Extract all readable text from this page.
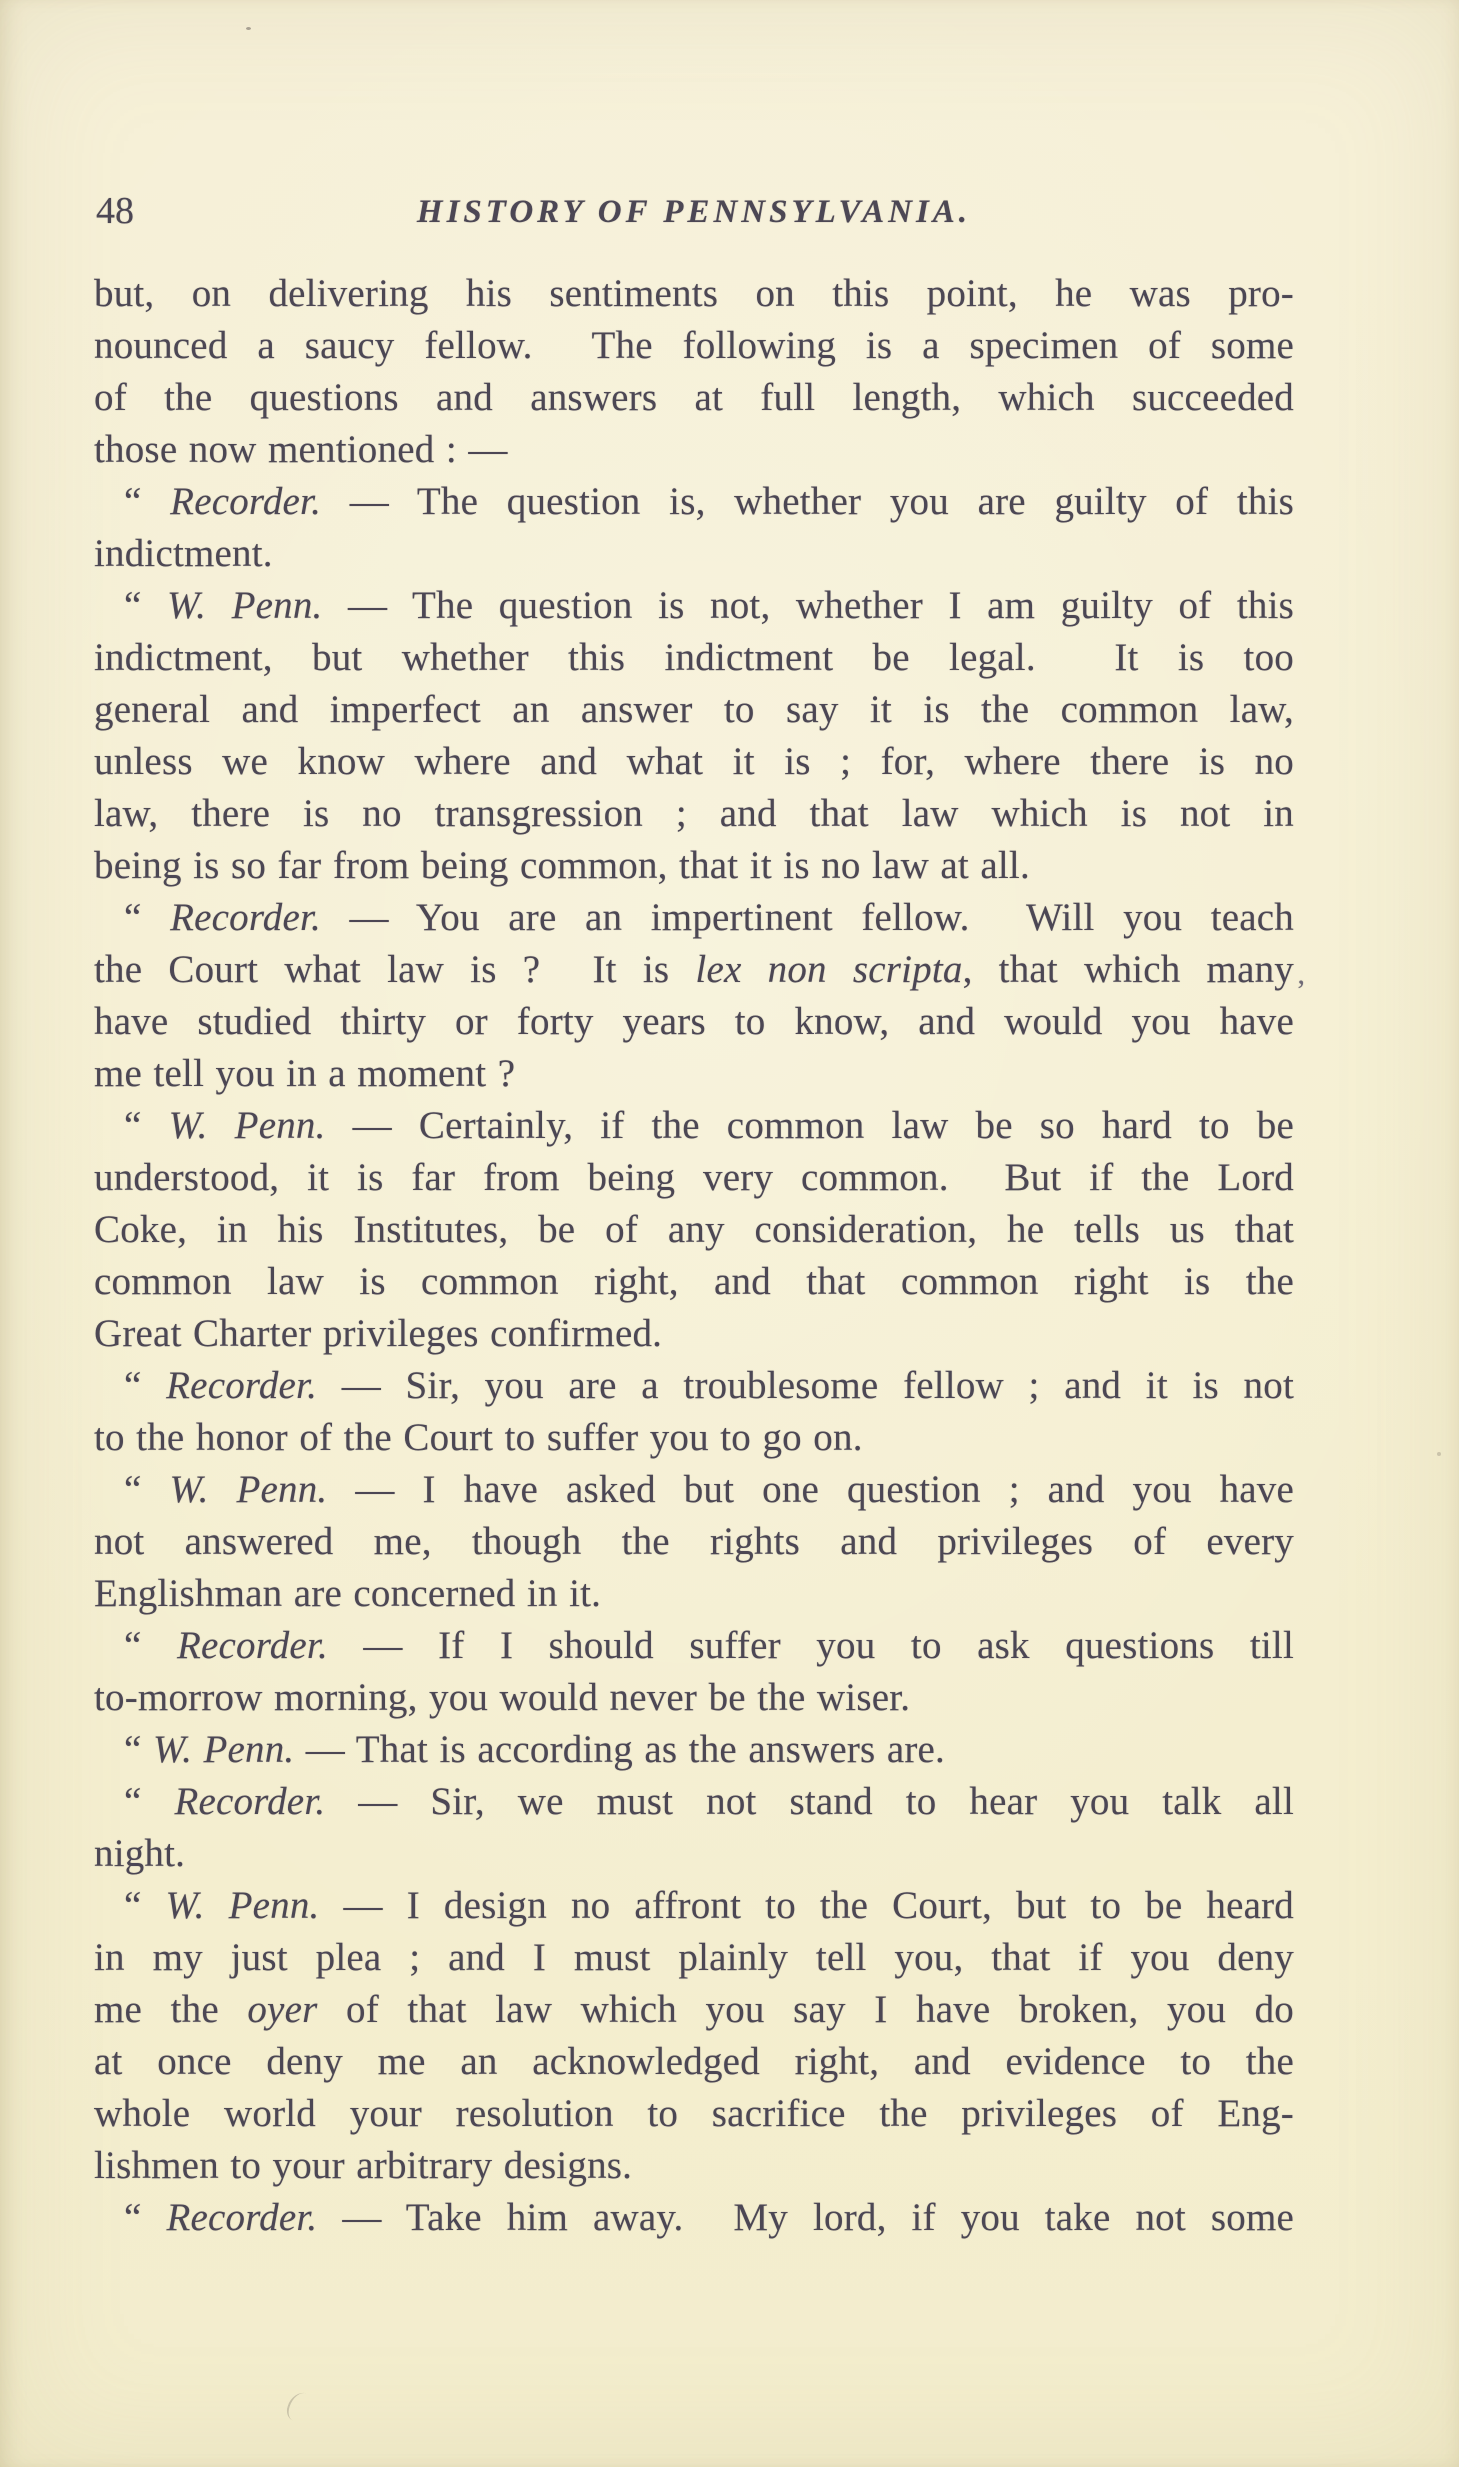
48	HISTORY OF PENNSYLVANIA.
but, on delivering his sentiments on this point, he was pro-
nounced a saucy fellow.  The following is a specimen of some
of the questions and answers at full length, which succeeded
those now mentioned : —
“ Recorder. — The question is, whether you are guilty of this
indictment.
“ W. Penn. — The question is not, whether I am guilty of this
indictment, but whether this indictment be legal.  It is too
general and imperfect an answer to say it is the common law,
unless we know where and what it is ; for, where there is no
law, there is no transgression ; and that law which is not in
being is so far from being common, that it is no law at all.
“ Recorder. — You are an impertinent fellow.  Will you teach
the Court what law is ?  It is lex non scripta, that which many
have studied thirty or forty years to know, and would you have
me tell you in a moment ?
“ W. Penn. — Certainly, if the common law be so hard to be
understood, it is far from being very common.  But if the Lord
Coke, in his Institutes, be of any consideration, he tells us that
common law is common right, and that common right is the
Great Charter privileges confirmed.
“ Recorder. — Sir, you are a troublesome fellow ; and it is not
to the honor of the Court to suffer you to go on.
“ W. Penn. — I have asked but one question ; and you have
not answered me, though the rights and privileges of every
Englishman are concerned in it.
“ Recorder. — If I should suffer you to ask questions till
to-morrow morning, you would never be the wiser.
“ W. Penn. — That is according as the answers are.
“ Recorder. — Sir, we must not stand to hear you talk all
night.
“ W. Penn. — I design no affront to the Court, but to be heard
in my just plea ; and I must plainly tell you, that if you deny
me the oyer of that law which you say I have broken, you do
at once deny me an acknowledged right, and evidence to the
whole world your resolution to sacrifice the privileges of Eng-
lishmen to your arbitrary designs.
“ Recorder. — Take him away.  My lord, if you take not some
’
